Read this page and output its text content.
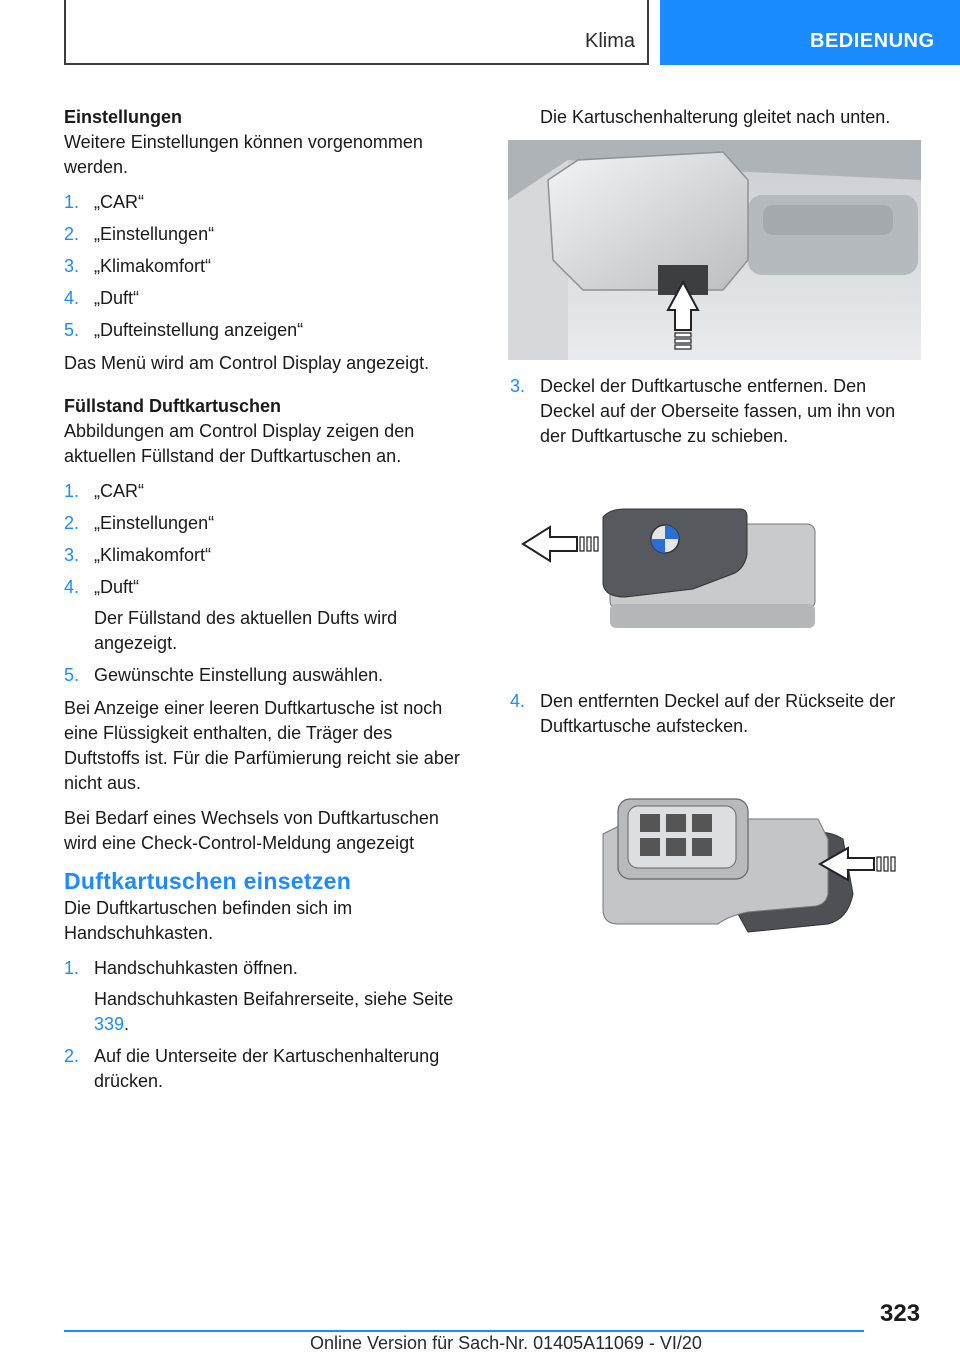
Klima	BEDIENUNG
Einstellungen
Weitere Einstellungen können vorgenommen werden.
1. „CAR“
2. „Einstellungen“
3. „Klimakomfort“
4. „Duft“
5. „Dufteinstellung anzeigen“
Das Menü wird am Control Display angezeigt.
Füllstand Duftkartuschen
Abbildungen am Control Display zeigen den aktuellen Füllstand der Duftkartuschen an.
1. „CAR“
2. „Einstellungen“
3. „Klimakomfort“
4. „Duft“
Der Füllstand des aktuellen Dufts wird angezeigt.
5. Gewünschte Einstellung auswählen.
Bei Anzeige einer leeren Duftkartusche ist noch eine Flüssigkeit enthalten, die Träger des Duftstoffs ist. Für die Parfümierung reicht sie aber nicht aus.
Bei Bedarf eines Wechsels von Duftkartuschen wird eine Check-Control-Meldung angezeigt
Duftkartuschen einsetzen
Die Duftkartuschen befinden sich im Handschuhkasten.
1. Handschuhkasten öffnen.
Handschuhkasten Beifahrerseite, siehe Seite 339.
2. Auf die Unterseite der Kartuschenhalterung drücken.
Die Kartuschenhalterung gleitet nach unten.
3. Deckel der Duftkartusche entfernen. Den Deckel auf der Oberseite fassen, um ihn von der Duftkartusche zu schieben.
4. Den entfernten Deckel auf der Rückseite der Duftkartusche aufstecken.
323
Online Version für Sach-Nr. 01405A11069 - VI/20
